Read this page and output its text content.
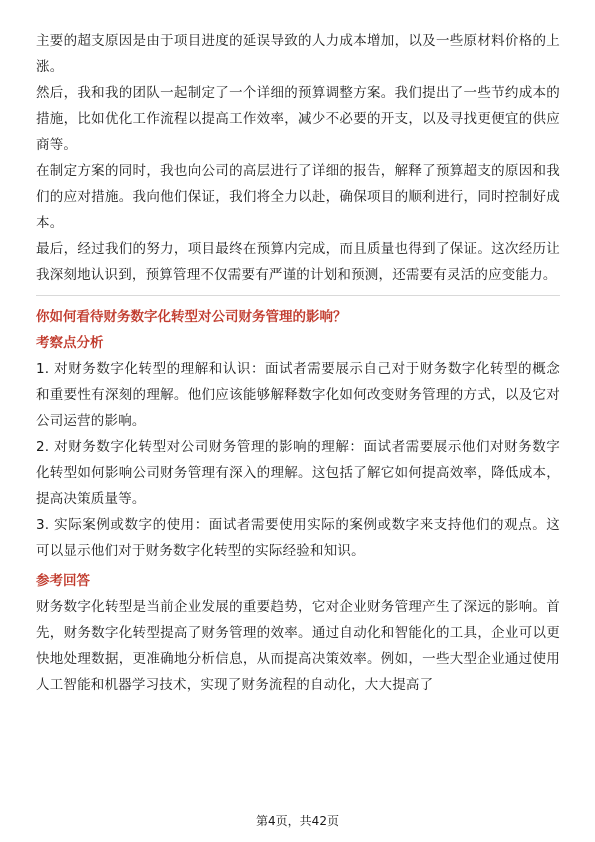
主要的超支原因是由于项目进度的延误导致的人力成本增加，以及一些原材料价格的上涨。

然后，我和我的团队一起制定了一个详细的预算调整方案。我们提出了一些节约成本的措施，比如优化工作流程以提高工作效率，减少不必要的开支，以及寻找更便宜的供应商等。

在制定方案的同时，我也向公司的高层进行了详细的报告，解释了预算超支的原因和我们的应对措施。我向他们保证，我们将全力以赴，确保项目的顺利进行，同时控制好成本。

最后，经过我们的努力，项目最终在预算内完成，而且质量也得到了保证。这次经历让我深刻地认识到，预算管理不仅需要有严谨的计划和预测，还需要有灵活的应变能力。

你如何看待财务数字化转型对公司财务管理的影响？

考察点分析

1. 对财务数字化转型的理解和认识：面试者需要展示自己对于财务数字化转型的概念和重要性有深刻的理解。他们应该能够解释数字化如何改变财务管理的方式，以及它对公司运营的影响。

2. 对财务数字化转型对公司财务管理的影响的理解：面试者需要展示他们对财务数字化转型如何影响公司财务管理有深入的理解。这包括了解它如何提高效率，降低成本，提高决策质量等。

3. 实际案例或数字的使用：面试者需要使用实际的案例或数字来支持他们的观点。这可以显示他们对于财务数字化转型的实际经验和知识。

参考回答

财务数字化转型是当前企业发展的重要趋势，它对企业财务管理产生了深远的影响。首先，财务数字化转型提高了财务管理的效率。通过自动化和智能化的工具，企业可以更快地处理数据，更准确地分析信息，从而提高决策效率。例如，一些大型企业通过使用人工智能和机器学习技术，实现了财务流程的自动化，大大提高了

第4页，共42页
